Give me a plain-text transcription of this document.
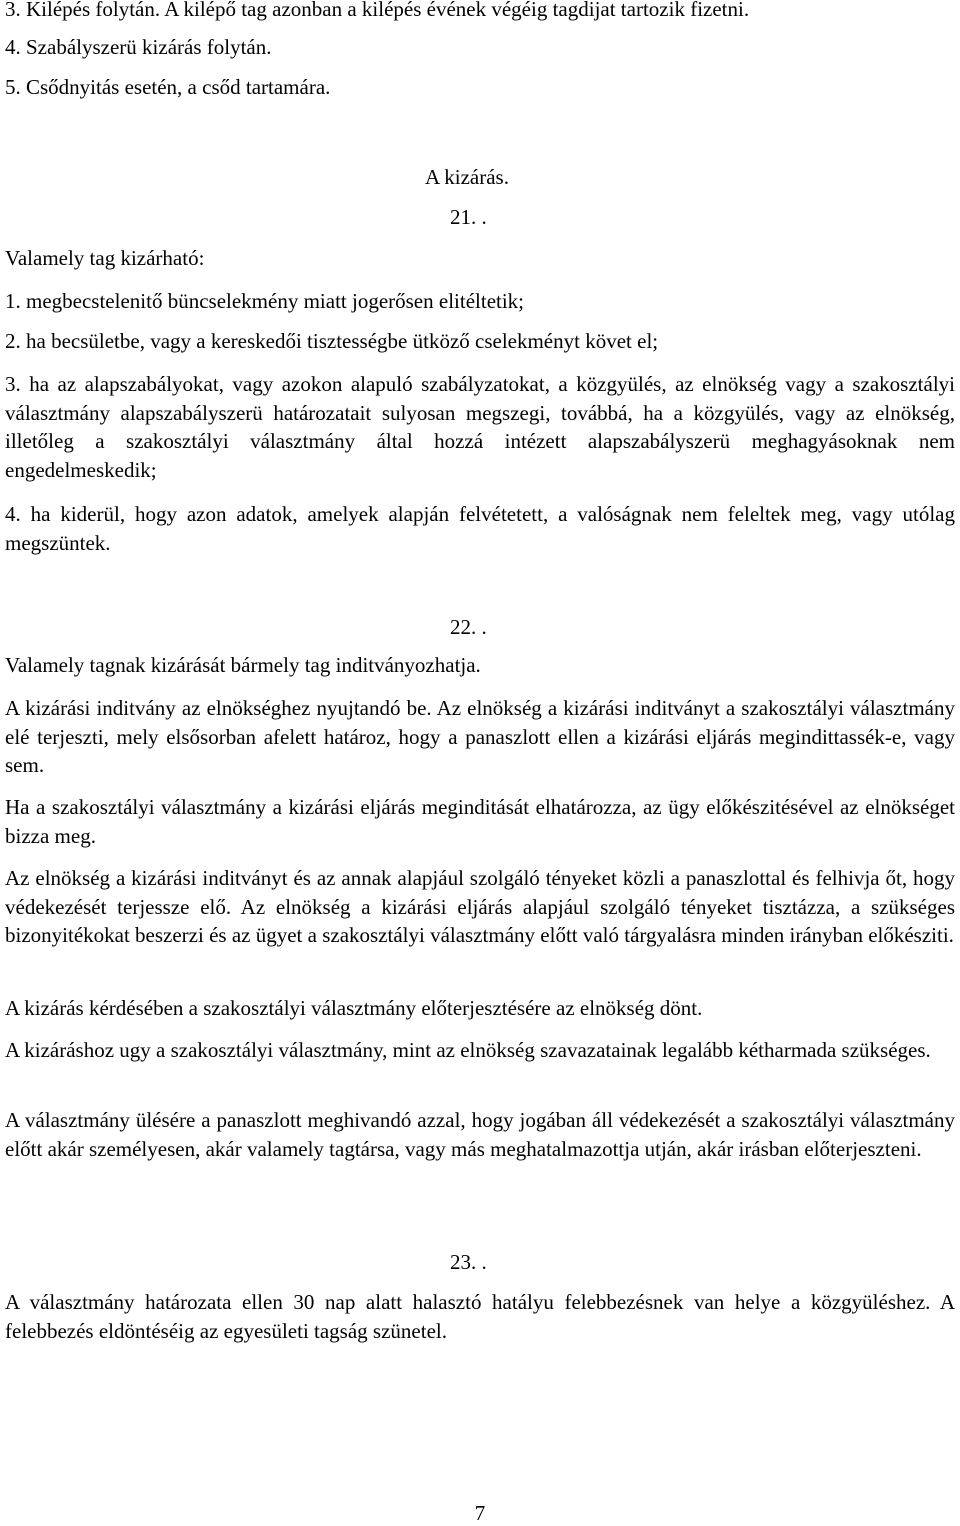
3. Kilépés folytán. A kilépő tag azonban a kilépés évének végéig tagdijat tartozik fizetni.
4. Szabályszerü kizárás folytán.
5. Csődnyitás esetén, a csőd tartamára.
A kizárás.
21. .
Valamely tag kizárható:
1. megbecstelenitő büncselekmény miatt jogerősen elitéltetik;
2. ha becsületbe, vagy a kereskedői tisztességbe ütköző cselekményt követ el;
3. ha az alapszabályokat, vagy azokon alapuló szabályzatokat, a közgyülés, az elnökség vagy a szakosztályi választmány alapszabályszerü határozatait sulyosan megszegi, továbbá, ha a közgyülés, vagy az elnökség, illetőleg a szakosztályi választmány által hozzá intézett alapszabályszerü meghagyásoknak nem engedelmeskedik;
4. ha kiderül, hogy azon adatok, amelyek alapján felvétetett, a valóságnak nem feleltek meg, vagy utólag megszüntek.
22. .
Valamely tagnak kizárását bármely tag inditványozhatja.
A kizárási inditvány az elnökséghez nyujtandó be. Az elnökség a kizárási inditványt a szakosztályi választmány elé terjeszti, mely elsősorban afelett határoz, hogy a panaszlott ellen a kizárási eljárás megindittassék-e, vagy sem.
Ha a szakosztályi választmány a kizárási eljárás meginditását elhatározza, az ügy előkészitésével az elnökséget bizza meg.
Az elnökség a kizárási inditványt és az annak alapjául szolgáló tényeket közli a panaszlottal és felhivja őt, hogy védekezését terjessze elő. Az elnökség a kizárási eljárás alapjául szolgáló tényeket tisztázza, a szükséges bizonyitékokat beszerzi és az ügyet a szakosztályi választmány előtt való tárgyalásra minden irányban előkésziti.
A kizárás kérdésében a szakosztályi választmány előterjesztésére az elnökség dönt.
A kizáráshoz ugy a szakosztályi választmány, mint az elnökség szavazatainak legalább kétharmada szükséges.
A választmány ülésére a panaszlott meghivandó azzal, hogy jogában áll védekezését a szakosztályi választmány előtt akár személyesen, akár valamely tagtársa, vagy más meghatalmazottja utján, akár irásban előterjeszteni.
23. .
A választmány határozata ellen 30 nap alatt halasztó hatályu felebbezésnek van helye a közgyüléshez. A felebbezés eldöntéséig az egyesületi tagság szünetel.
7
